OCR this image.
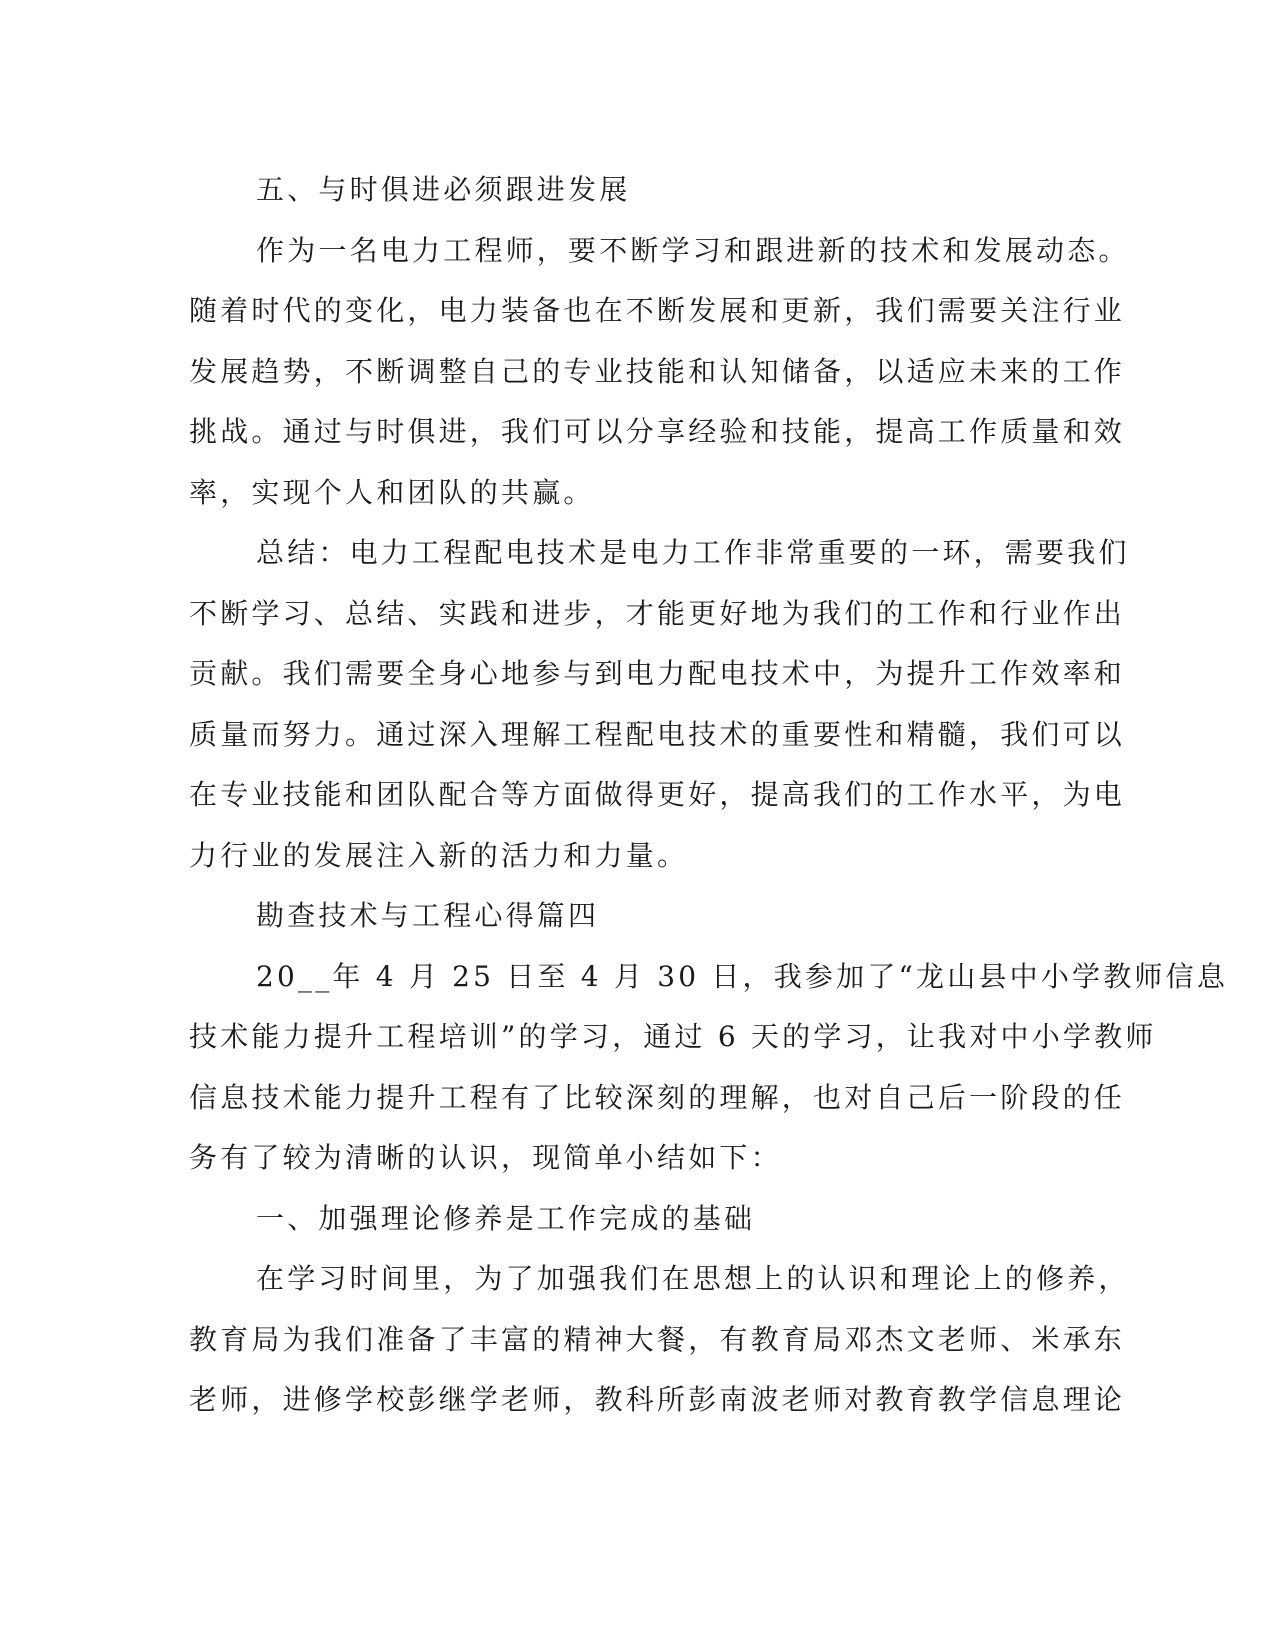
五、与时俱进必须跟进发展
作为一名电力工程师，要不断学习和跟进新的技术和发展动态。
随着时代的变化，电力装备也在不断发展和更新，我们需要关注行业
发展趋势，不断调整自己的专业技能和认知储备，以适应未来的工作
挑战。通过与时俱进，我们可以分享经验和技能，提高工作质量和效
率，实现个人和团队的共赢。
总结：电力工程配电技术是电力工作非常重要的一环，需要我们
不断学习、总结、实践和进步，才能更好地为我们的工作和行业作出
贡献。我们需要全身心地参与到电力配电技术中，为提升工作效率和
质量而努力。通过深入理解工程配电技术的重要性和精髓，我们可以
在专业技能和团队配合等方面做得更好，提高我们的工作水平，为电
力行业的发展注入新的活力和力量。
勘查技术与工程心得篇四
20__年 4 月 25 日至 4 月 30 日，我参加了“龙山县中小学教师信息
技术能力提升工程培训”的学习，通过 6 天的学习，让我对中小学教师
信息技术能力提升工程有了比较深刻的理解，也对自己后一阶段的任
务有了较为清晰的认识，现简单小结如下：
一、加强理论修养是工作完成的基础
在学习时间里，为了加强我们在思想上的认识和理论上的修养，
教育局为我们准备了丰富的精神大餐，有教育局邓杰文老师、米承东
老师，进修学校彭继学老师，教科所彭南波老师对教育教学信息理论
